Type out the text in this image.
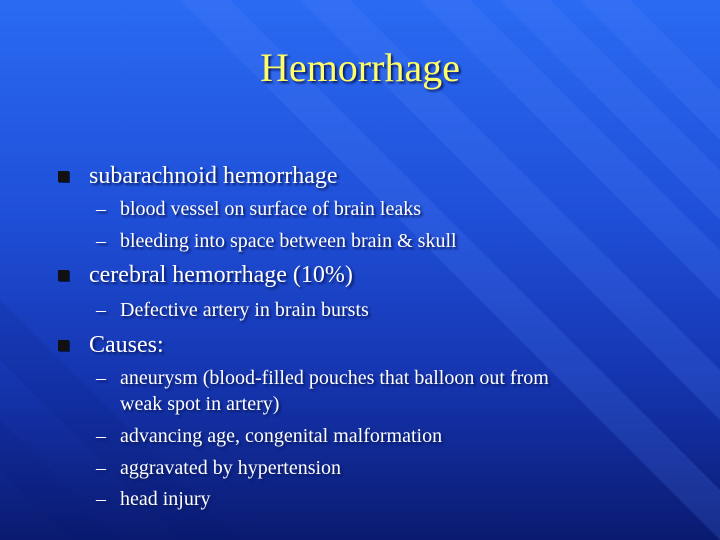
Hemorrhage
subarachnoid hemorrhage
– blood vessel on surface of brain leaks
– bleeding into space between brain & skull
cerebral hemorrhage (10%)
– Defective artery in brain bursts
Causes:
– aneurysm (blood-filled pouches that balloon out from
weak spot in artery)
– advancing age, congenital malformation
– aggravated by hypertension
– head injury
